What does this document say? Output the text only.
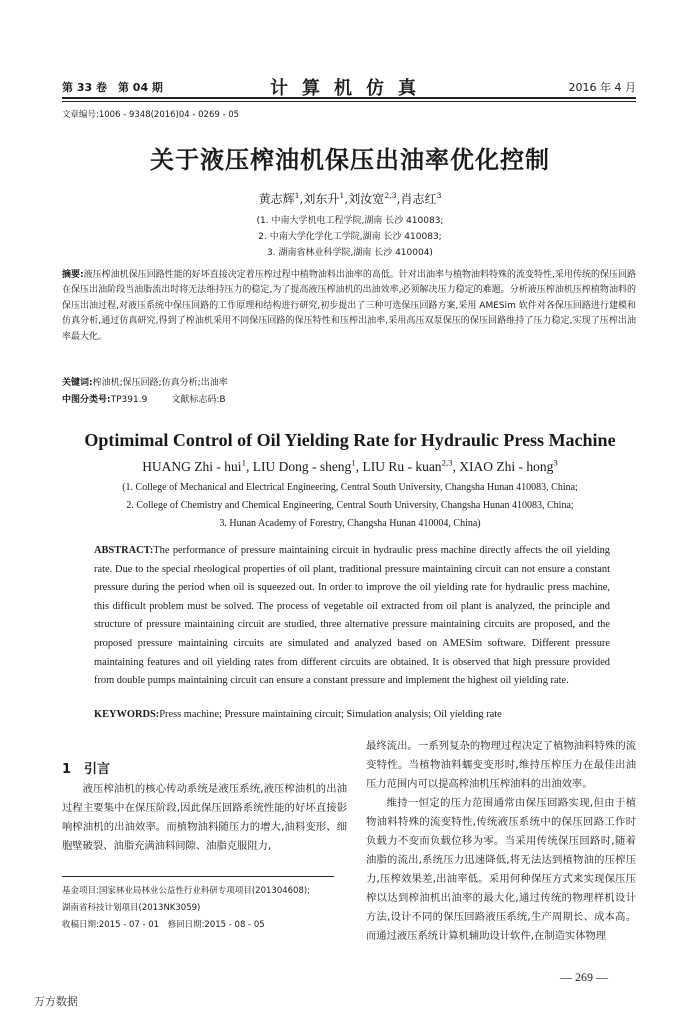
第 33 卷　第 04 期	计算机仿真	2016 年 4 月
文章编号:1006 - 9348(2016)04 - 0269 - 05
关于液压榨油机保压出油率优化控制
黄志辉$^1$,刘东升$^1$,刘汝宽$^{2,3}$,肖志红$^3$
(1. 中南大学机电工程学院,湖南 长沙 410083;
2. 中南大学化学化工学院,湖南 长沙 410083;
3. 湖南省林业科学院,湖南 长沙 410004)
摘要:液压榨油机保压回路性能的好坏直接决定着压榨过程中植物油料出油率的高低。针对出油率与植物油料特殊的流变特性,采用传统的保压回路在保压出油阶段当油脂流出时将无法维持压力的稳定,为了提高液压榨油机的出油效率,必须解决压力稳定的难题。分析液压榨油机压榨植物油料的保压出油过程,对液压系统中保压回路的工作原理和结构进行研究,初步提出了三种可选保压回路方案,采用 AMESim 软件对各保压回路进行建模和仿真分析,通过仿真研究,得到了榨油机采用不同保压回路的保压特性和压榨出油率,采用高压双泵保压的保压回路维持了压力稳定,实现了压榨出油率最大化。
关键词:榨油机;保压回路;仿真分析;出油率
中图分类号:TP391.9	文献标志码:B
Optimimal Control of Oil Yielding Rate for Hydraulic Press Machine
HUANG Zhi - hui$^1$, LIU Dong - sheng$^1$, LIU Ru - kuan$^{2,3}$, XIAO Zhi - hong$^3$
(1. College of Mechanical and Electrical Engineering, Central South University, Changsha Hunan 410083, China;
2. College of Chemistry and Chemical Engineering, Central South University, Changsha Hunan 410083, China;
3. Hunan Academy of Forestry, Changsha Hunan 410004, China)
ABSTRACT:The performance of pressure maintaining circuit in hydraulic press machine directly affects the oil yielding rate. Due to the special rheological properties of oil plant, traditional pressure maintaining circuit can not ensure a constant pressure during the period when oil is squeezed out. In order to improve the oil yielding rate for hydraulic press machine, this difficult problem must be solved. The process of vegetable oil extracted from oil plant is analyzed, the principle and structure of pressure maintaining circuit are studied, three alternative pressure maintaining circuits are proposed, and the proposed pressure maintaining circuits are simulated and analyzed based on AMESim software. Different pressure maintaining features and oil yielding rates from different circuits are obtained. It is observed that high pressure provided from double pumps maintaining circuit can ensure a constant pressure and implement the highest oil yielding rate.
KEYWORDS:Press machine; Pressure maintaining circuit; Simulation analysis; Oil yielding rate
1　引言
液压榨油机的核心传动系统是液压系统,液压榨油机的出油过程主要集中在保压阶段,因此保压回路系统性能的好坏直接影响榨油机的出油效率。而植物油料随压力的增大,油料变形、细胞壁破裂、油脂充满油料间隙、油脂克服阻力,
最终流出。一系列复杂的物理过程决定了植物油料特殊的流变特性。当植物油料蠕变变形时,维持压榨压力在最佳出油压力范围内可以提高榨油机压榨油料的出油效率。
维持一恒定的压力范围通常由保压回路实现,但由于植物油料特殊的流变特性,传统液压系统中的保压回路工作时负载力不变而负载位移为零。当采用传统保压回路时,随着油脂的流出,系统压力迅速降低,将无法达到植物油的压榨压力,压榨效果差,出油率低。采用何种保压方式来实现保压压榨以达到榨油机出油率的最大化,通过传统的物理样机设计方法,设计不同的保压回路液压系统,生产周期长、成本高。而通过液压系统计算机辅助设计软件,在制造实体物理
基金项目:国家林业局林业公益性行业科研专项项目(201304608);
湖南省科技计划项目(2013NK3059)
收稿日期:2015 - 07 - 01　修回日期:2015 - 08 - 05
— 269 —
万方数据
